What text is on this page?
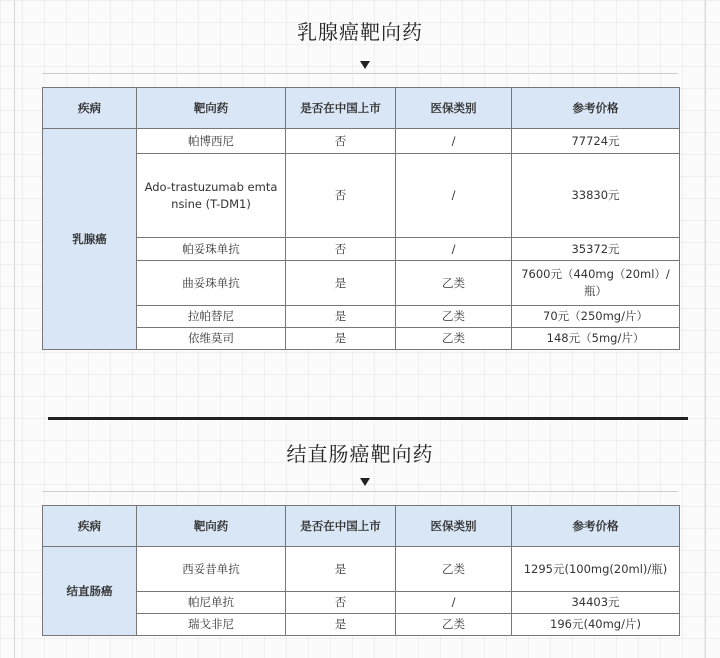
乳腺癌靶向药
疾病	靶向药	是否在中国上市	医保类别	参考价格
乳腺癌	帕博西尼	否	/	77724元
	Ado-trastuzumab emtansine (T-DM1)	否	/	33830元
	帕妥珠单抗	否	/	35372元
	曲妥珠单抗	是	乙类	7600元（440mg（20ml）/瓶）
	拉帕替尼	是	乙类	70元（250mg/片）
	依维莫司	是	乙类	148元（5mg/片）
结直肠癌靶向药
疾病	靶向药	是否在中国上市	医保类别	参考价格
结直肠癌	西妥昔单抗	是	乙类	1295元(100mg(20ml)/瓶)
	帕尼单抗	否	/	34403元
	瑞戈非尼	是	乙类	196元(40mg/片)
